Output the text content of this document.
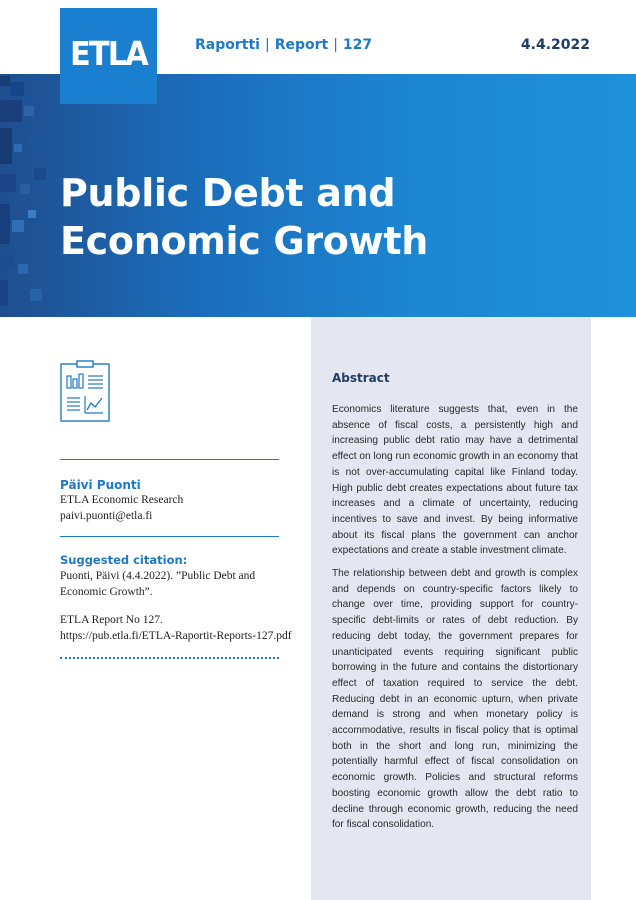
Public Debt and Economic Growth
ETLA	Raportti | Report | 127	4.4.2022
Päivi Puonti
ETLA Economic Research
paivi.puonti@etla.fi
Suggested citation:
Puonti, Päivi (4.4.2022). ”Public Debt and Economic Growth”.
ETLA Report No 127.
https://pub.etla.fi/ETLA-Raportit-Reports-127.pdf
Abstract

Economics literature suggests that, even in the absence of fiscal costs, a persistently high and increasing public debt ratio may have a detrimental effect on long run economic growth in an economy that is not over-accumulating capital like Finland today. High public debt creates expectations about future tax increases and a climate of uncertainty, reducing incentives to save and invest. By being informative about its fiscal plans the government can anchor expectations and create a stable investment climate.

The relationship between debt and growth is complex and depends on country-specific factors likely to change over time, providing support for country-specific debt-limits or rates of debt reduction. By reducing debt today, the government prepares for unanticipated events requiring significant public borrowing in the future and contains the distortionary effect of taxation required to service the debt. Reducing debt in an economic upturn, when private demand is strong and when monetary policy is accommodative, results in fiscal policy that is optimal both in the short and long run, minimizing the potentially harmful effect of fiscal consolidation on economic growth. Policies and structural reforms boosting economic growth allow the debt ratio to decline through economic growth, reducing the need for fiscal consolidation.
